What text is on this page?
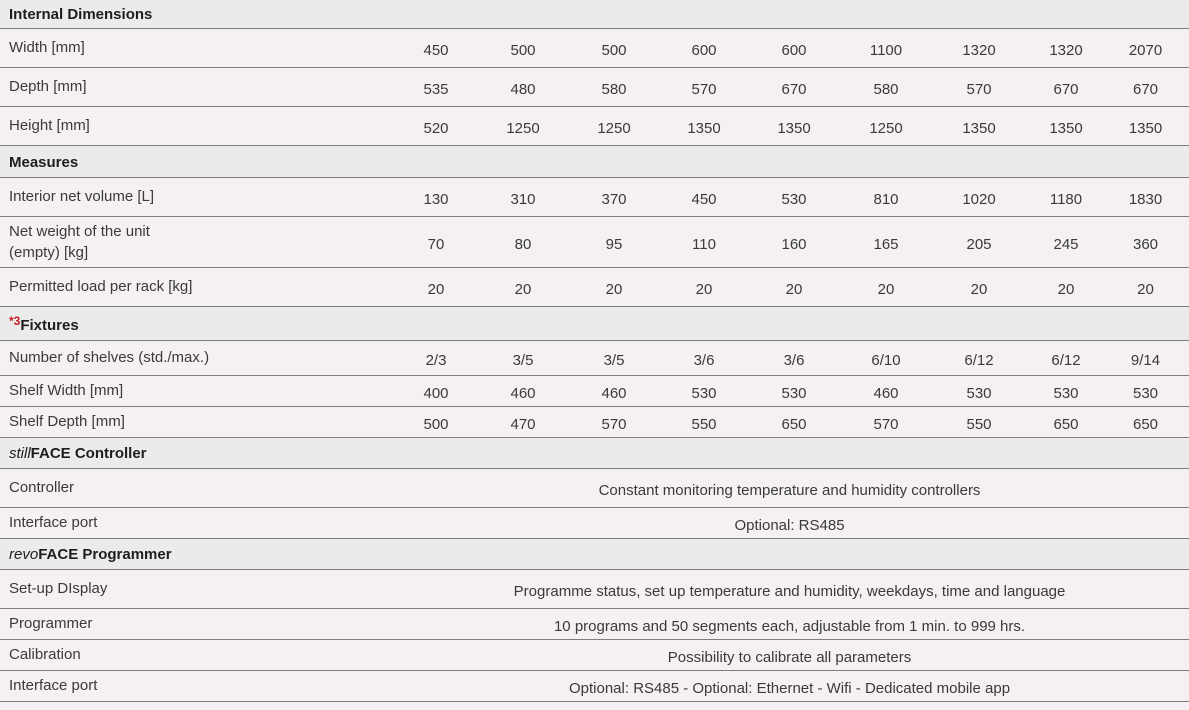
Internal Dimensions									
Width [mm]	450	500	500	600	600	1100	1320	1320	2070
Depth [mm]	535	480	580	570	670	580	570	670	670
Height [mm]	520	1250	1250	1350	1350	1250	1350	1350	1350
Measures									
Interior net volume [L]	130	310	370	450	530	810	1020	1180	1830
Net weight of the unit
(empty) [kg]	70	80	95	110	160	165	205	245	360
Permitted load per rack [kg]	20	20	20	20	20	20	20	20	20
$^{*3}$Fixtures									
Number of shelves (std./max.)	2/3	3/5	3/5	3/6	3/6	6/10	6/12	6/12	9/14
Shelf Width [mm]	400	460	460	530	530	460	530	530	530
Shelf Depth [mm]	500	470	570	550	650	570	550	650	650
stillFACE Controller									
Controller	Constant monitoring temperature and humidity controllers								
Interface port	Optional: RS485								
revoFACE Programmer									
Set-up DIsplay	Programme status, set up temperature and humidity, weekdays, time and language								
Programmer	10 programs and 50 segments each, adjustable from 1 min. to 999 hrs.								
Calibration	Possibility to calibrate all parameters								
Interface port	Optional: RS485 - Optional: Ethernet - Wifi - Dedicated mobile app								
